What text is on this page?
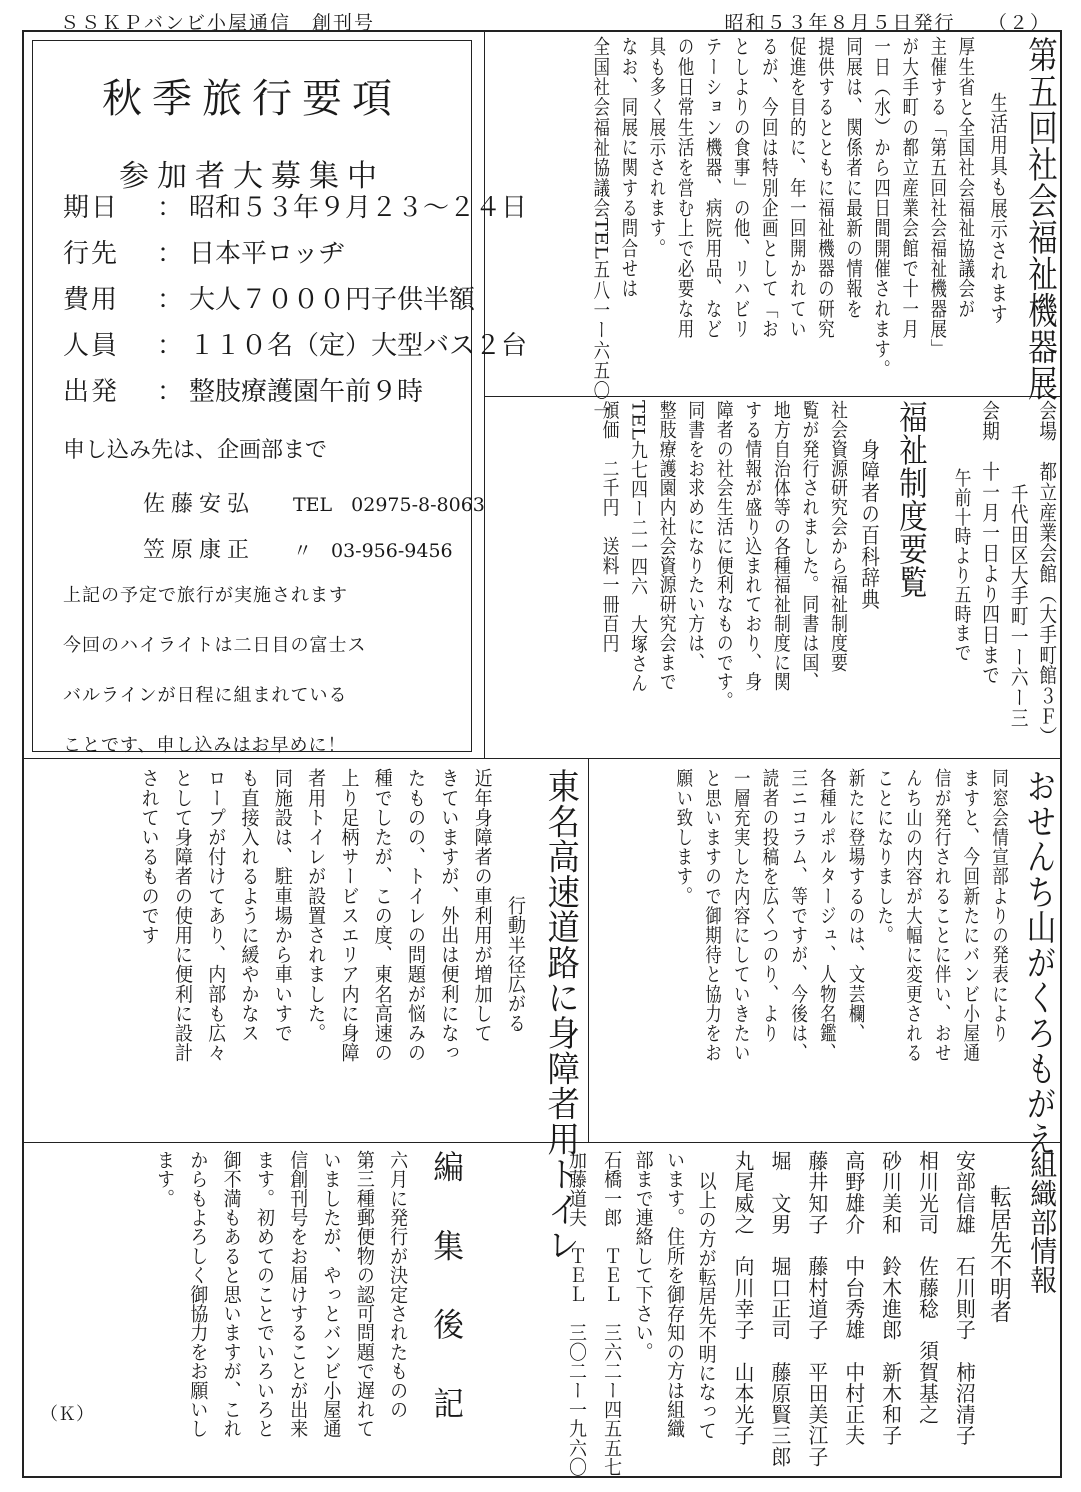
ＳＳＫＰバンビ小屋通信　創刊号	昭和５３年８月５日発行　　（２）
秋季旅行要項
参加者大募集中
期日 ： 昭和５３年９月２３～２４日
行先 ： 日本平ロッヂ
費用 ： 大人７０００円子供半額
人員 ： １１０名（定）大型バス２台
出発 ： 整肢療護園午前９時
申し込み先は、企画部まで
佐藤安弘 TEL　02975-8-8063
笠原康正 〃　03-956-9456
上記の予定で旅行が実施されます
今回のハイライトは二日目の富士ス
バルラインが日程に組まれている
ことです、申し込みはお早めに！
第五回社会福祉機器展
生活用具も展示されます
厚生省と全国社会福祉協議会が
主催する「第五回社会福祉機器展」
が大手町の都立産業会館で十一月
一日（水）から四日間開催されます。
同展は、関係者に最新の情報を
提供するとともに福祉機器の研究
促進を目的に、年一回開かれてい
るが、今回は特別企画として「お
としよりの食事」の他、リハビリ
テーション機器、病院用品、など
の他日常生活を営む上で必要な用
具も多く展示されます。
なお、同展に関する問合せは
全国社会福祉協議会TEL五八一ー六五〇一
会場　都立産業会館（大手町館３Ｆ）
千代田区大手町一ー六ー三
会期　十一月一日より四日まで
午前十時より五時まで
福祉制度要覧
身障者の百科辞典
社会資源研究会から福祉制度要
覧が発行されました。同書は国、
地方自治体等の各種福祉制度に関
する情報が盛り込まれており、身
障者の社会生活に便利なものです。
同書をお求めになりたい方は、
整肢療護園内社会資源研究会まで
TEL九七四ー二一四六　大塚さん
頒価　二千円　送料一冊百円
おせんち山がくろもがえ
同窓会情宣部よりの発表により
ますと、今回新たにバンビ小屋通
信が発行されることに伴い、おせ
んち山の内容が大幅に変更される
ことになりました。
新たに登場するのは、文芸欄、
各種ルポルタージュ、人物名鑑、
三ニコラム、等ですが、今後は、
読者の投稿を広くつのり、より
一層充実した内容にしていきたい
と思いますので御期待と協力をお
願い致します。
東名高速道路に身障者用トイレ
行動半径広がる
近年身障者の車利用が増加して
きていますが、外出は便利になっ
たものの、トイレの問題が悩みの
種でしたが、この度、東名高速の
上り足柄サービスエリア内に身障
者用トイレが設置されました。
同施設は、駐車場から車いすで
も直接入れるように緩やかなス
ロープが付けてあり、内部も広々
として身障者の使用に便利に設計
されているものです
組織部情報
転居先不明者
安部信雄　石川則子　柿沼清子
相川光司　佐藤稔　須賀基之
砂川美和　鈴木進郎　新木和子
高野雄介　中台秀雄　中村正夫
藤井知子　藤村道子　平田美江子
堀　文男　堀口正司　藤原賢三郎
丸尾威之　向川幸子　山本光子
以上の方が転居先不明になって
います。住所を御存知の方は組織
部まで連絡して下さい。
石橋一郎　ＴＥＬ　三六二ー四五五七
加藤道夫　ＴＥＬ　三〇二ー一九六〇
編集後記
六月に発行が決定されたものの
第三種郵便物の認可問題で遅れて
いましたが、やっとバンビ小屋通
信創刊号をお届けすることが出来
ます。初めてのことでいろいろと
御不満もあると思いますが、これ
からもよろしく御協力をお願いし
ます。
（Ｋ）
